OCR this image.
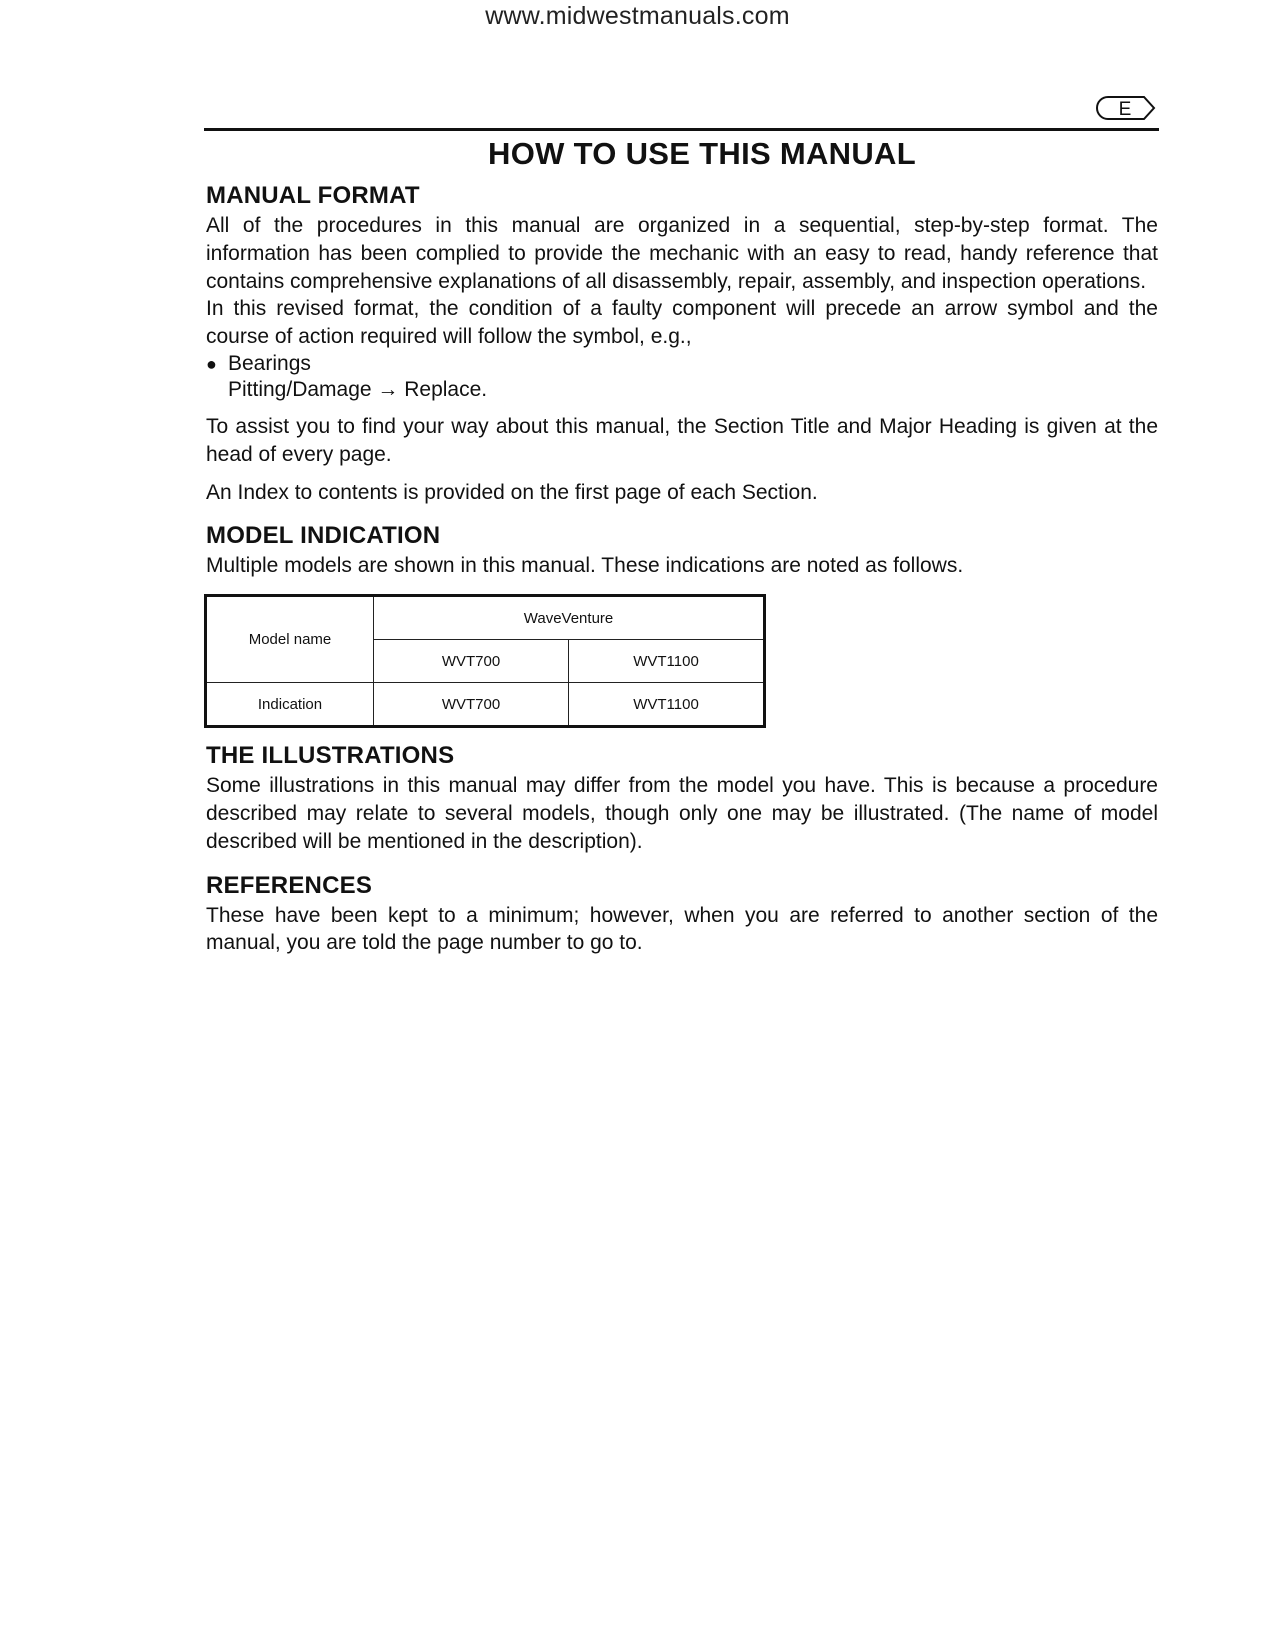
www.midwestmanuals.com
E
HOW TO USE THIS MANUAL
MANUAL FORMAT

All of the procedures in this manual are organized in a sequential, step-by-step format. The information has been complied to provide the mechanic with an easy to read, handy reference that contains comprehensive explanations of all disassembly, repair, assembly, and inspection operations.

In this revised format, the condition of a faulty component will precede an arrow symbol and the course of action required will follow the symbol, e.g.,

● Bearings
Pitting/Damage → Replace.

To assist you to find your way about this manual, the Section Title and Major Heading is given at the head of every page.

An Index to contents is provided on the first page of each Section.

MODEL INDICATION

Multiple models are shown in this manual. These indications are noted as follows.

Model name	WaveVenture	
	WVT700	WVT1100
Indication	WVT700	WVT1100
THE ILLUSTRATIONS

Some illustrations in this manual may differ from the model you have. This is because a procedure described may relate to several models, though only one may be illustrated. (The name of model described will be mentioned in the description).

REFERENCES

These have been kept to a minimum; however, when you are referred to another section of the manual, you are told the page number to go to.
